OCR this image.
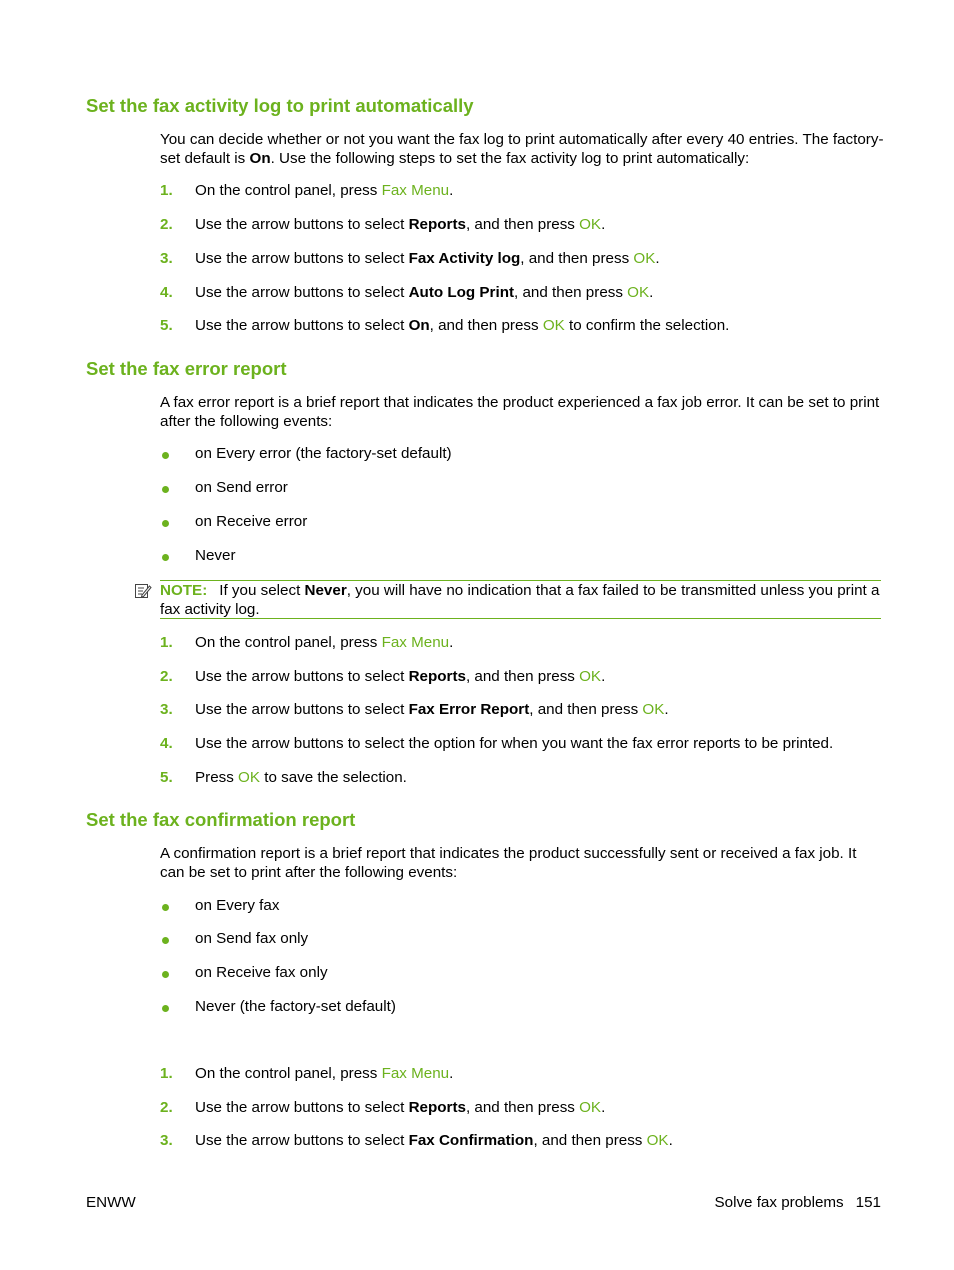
Set the fax activity log to print automatically

You can decide whether or not you want the fax log to print automatically after every 40 entries. The factory-set default is On. Use the following steps to set the fax activity log to print automatically:

1. On the control panel, press Fax Menu.
2. Use the arrow buttons to select Reports, and then press OK.
3. Use the arrow buttons to select Fax Activity log, and then press OK.
4. Use the arrow buttons to select Auto Log Print, and then press OK.
5. Use the arrow buttons to select On, and then press OK to confirm the selection.
Set the fax error report

A fax error report is a brief report that indicates the product experienced a fax job error. It can be set to print after the following events:

on Every error (the factory-set default)
on Send error
on Receive error
Never
NOTE: If you select Never, you will have no indication that a fax failed to be transmitted unless you print a fax activity log.
1. On the control panel, press Fax Menu.
2. Use the arrow buttons to select Reports, and then press OK.
3. Use the arrow buttons to select Fax Error Report, and then press OK.
4. Use the arrow buttons to select the option for when you want the fax error reports to be printed.
5. Press OK to save the selection.
Set the fax confirmation report

A confirmation report is a brief report that indicates the product successfully sent or received a fax job. It can be set to print after the following events:

on Every fax
on Send fax only
on Receive fax only
Never (the factory-set default)
1. On the control panel, press Fax Menu.
2. Use the arrow buttons to select Reports, and then press OK.
3. Use the arrow buttons to select Fax Confirmation, and then press OK.
ENWW	Solve fax problems 151
